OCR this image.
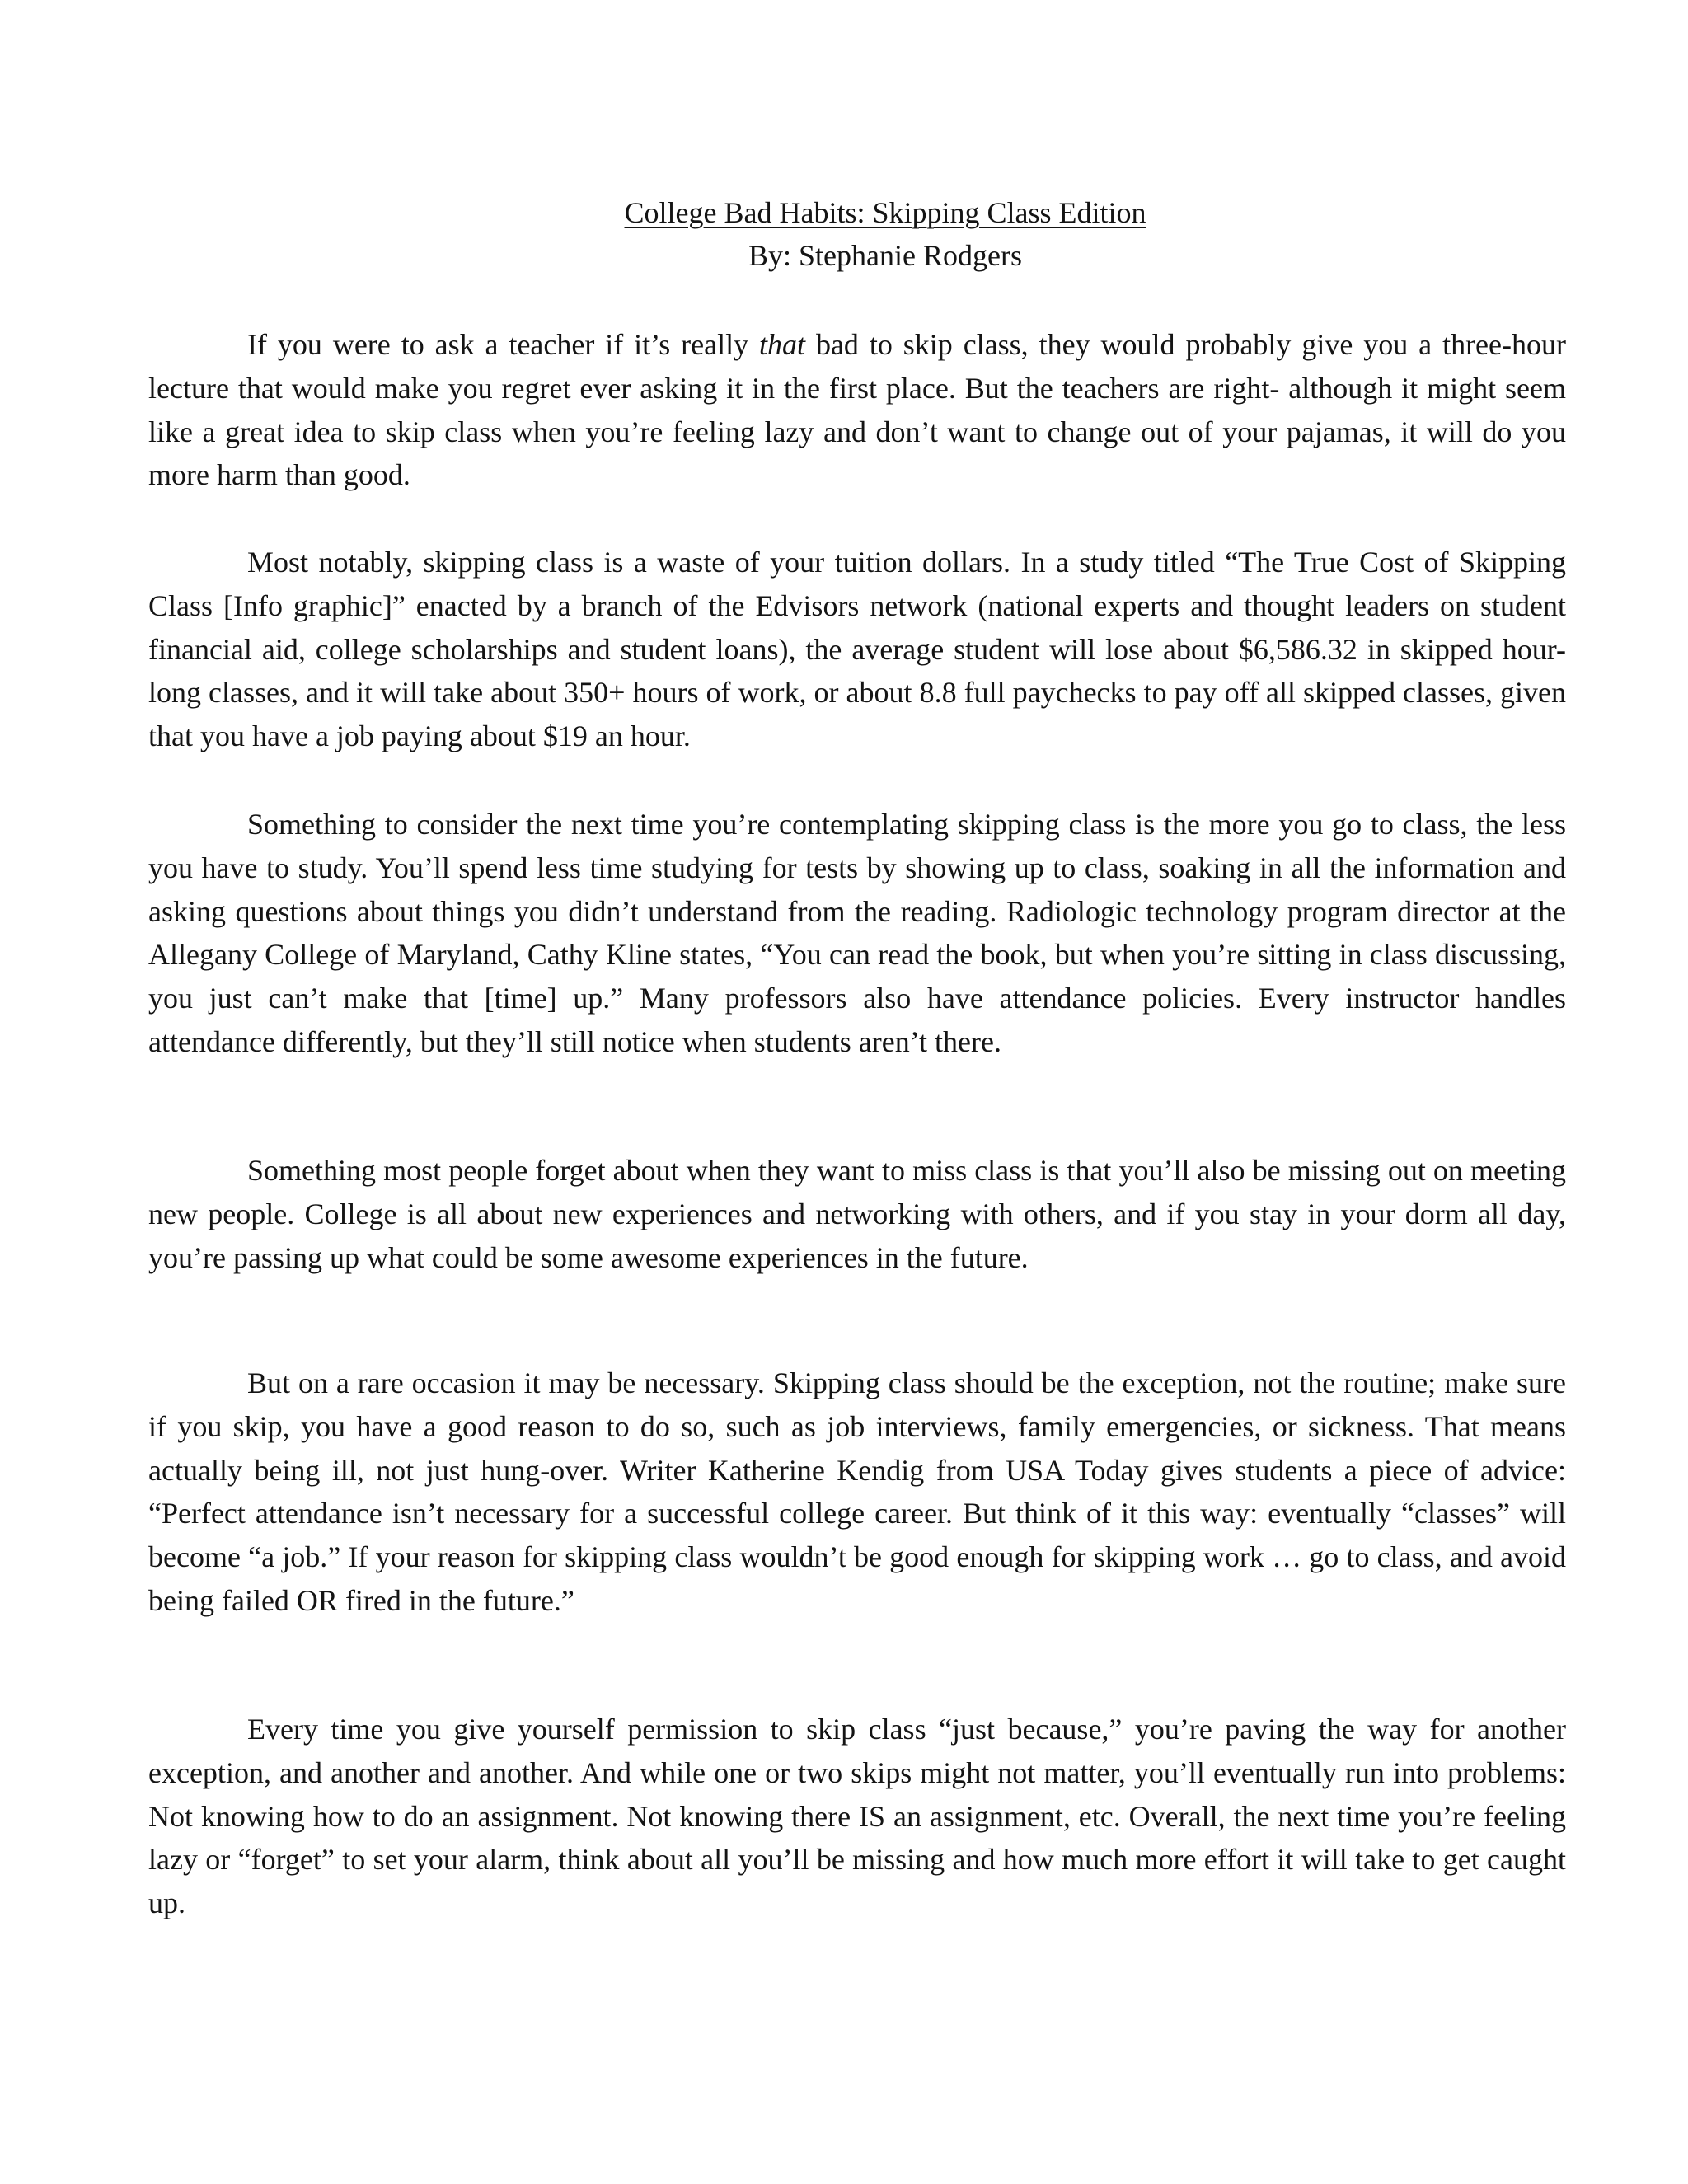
College Bad Habits: Skipping Class Edition
By: Stephanie Rodgers

If you were to ask a teacher if it’s really that bad to skip class, they would probably give you a three-hour lecture that would make you regret ever asking it in the first place. But the teachers are right- although it might seem like a great idea to skip class when you’re feeling lazy and don’t want to change out of your pajamas, it will do you more harm than good.

Most notably, skipping class is a waste of your tuition dollars. In a study titled “The True Cost of Skipping Class [Info graphic]” enacted by a branch of the Edvisors network (national experts and thought leaders on student financial aid, college scholarships and student loans), the average student will lose about $6,586.32 in skipped hour-long classes, and it will take about 350+ hours of work, or about 8.8 full paychecks to pay off all skipped classes, given that you have a job paying about $19 an hour.

Something to consider the next time you’re contemplating skipping class is the more you go to class, the less you have to study. You’ll spend less time studying for tests by showing up to class, soaking in all the information and asking questions about things you didn’t understand from the reading. Radiologic technology program director at the Allegany College of Maryland, Cathy Kline states, “You can read the book, but when you’re sitting in class discussing, you just can’t make that [time] up.” Many professors also have attendance policies. Every instructor handles attendance differently, but they’ll still notice when students aren’t there.

Something most people forget about when they want to miss class is that you’ll also be missing out on meeting new people. College is all about new experiences and networking with others, and if you stay in your dorm all day, you’re passing up what could be some awesome experiences in the future.

But on a rare occasion it may be necessary. Skipping class should be the exception, not the routine; make sure if you skip, you have a good reason to do so, such as job interviews, family emergencies, or sickness. That means actually being ill, not just hung-over. Writer Katherine Kendig from USA Today gives students a piece of advice: “Perfect attendance isn’t necessary for a successful college career. But think of it this way: eventually “classes” will become “a job.” If your reason for skipping class wouldn’t be good enough for skipping work … go to class, and avoid being failed OR fired in the future.”

Every time you give yourself permission to skip class “just because,” you’re paving the way for another exception, and another and another. And while one or two skips might not matter, you’ll eventually run into problems: Not knowing how to do an assignment. Not knowing there IS an assignment, etc. Overall, the next time you’re feeling lazy or “forget” to set your alarm, think about all you’ll be missing and how much more effort it will take to get caught up.
